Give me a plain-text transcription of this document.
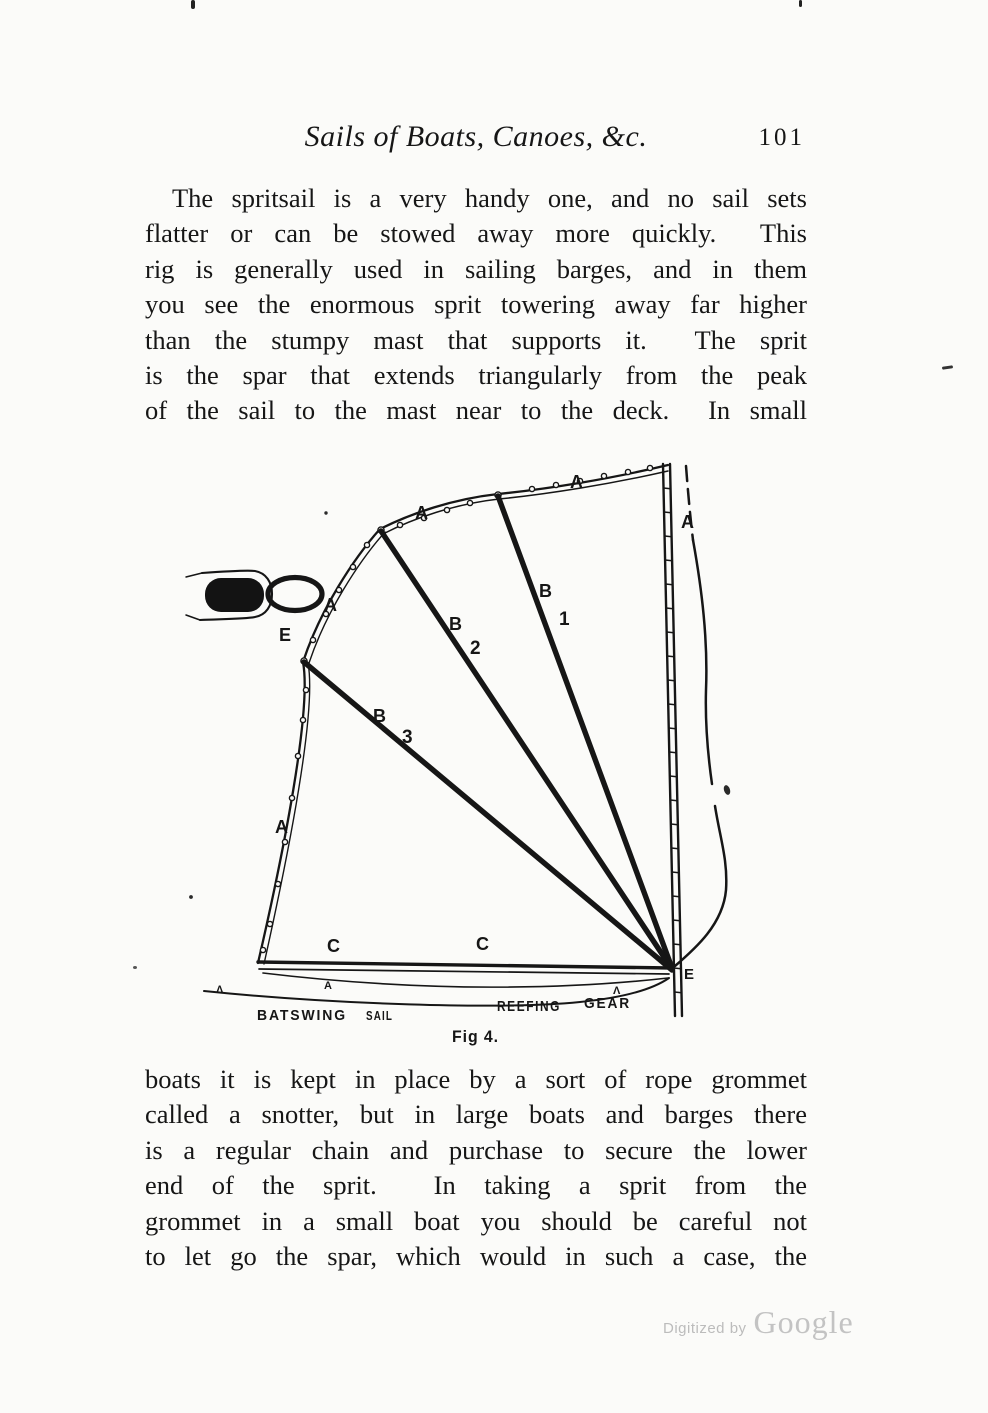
Sails of Boats, Canoes, &c.	101
The spritsail is a very handy one, and no sail sets
flatter or can be stowed away more quickly.  This
rig is generally used in sailing barges, and in them
you see the enormous sprit towering away far higher
than the stumpy mast that supports it.  The sprit
is the spar that extends triangularly from the peak
of the sail to the mast near to the deck.  In small
A
A
A
A
A
B
1
B
2
B
3
C	C
E
E
Λ	A	Λ
BATSWING SAIL
REEFING GEAR
Fig 4.
boats it is kept in place by a sort of rope grommet
called a snotter, but in large boats and barges there
is a regular chain and purchase to secure the lower
end of the sprit.  In taking a sprit from the
grommet in a small boat you should be careful not
to let go the spar, which would in such a case, the
Digitized by Google
